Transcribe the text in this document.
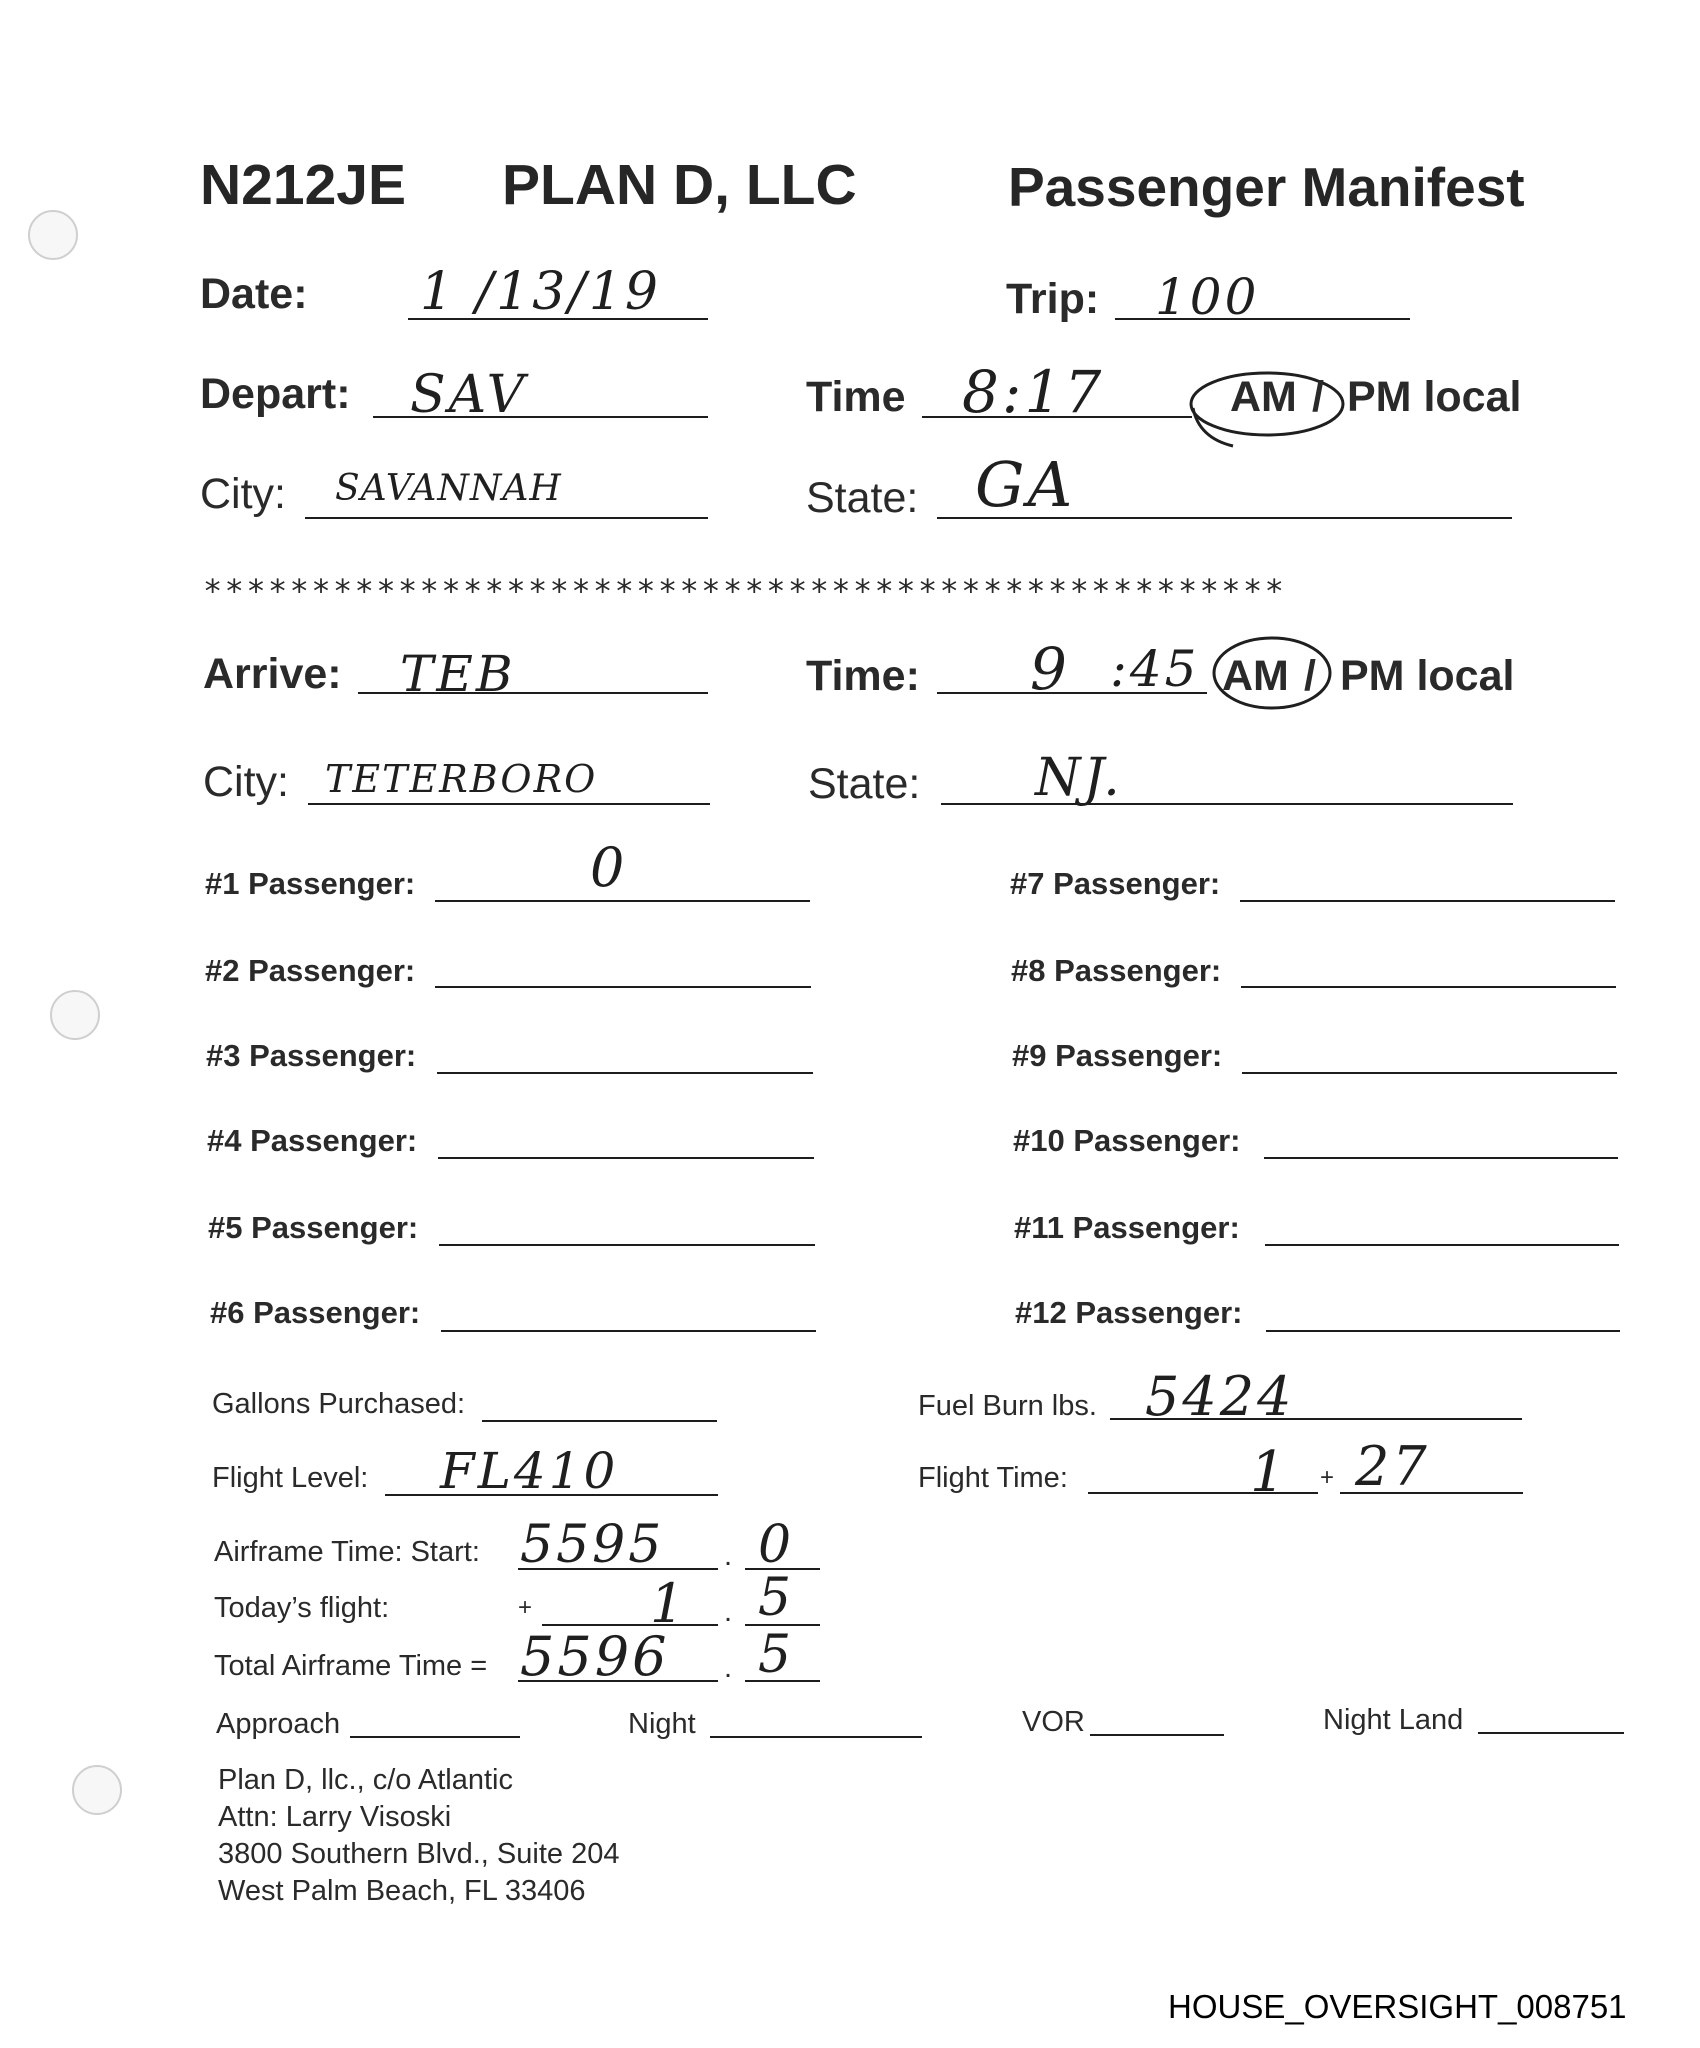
N212JE PLAN D, LLC	Passenger Manifest
Date: 1 /13/19	Trip: 100
Depart: SAV	Time 8:17	AM / PM local
City: SAVANNAH	State: GA
**************************************************
Arrive: TEB	Time: 9 :45 AM / PM local
City: TETERBORO	State: NJ.
#1 Passenger:	0
#2 Passenger:
#3 Passenger:
#4 Passenger:
#5 Passenger:
#6 Passenger:
#7 Passenger:
#8 Passenger:
#9 Passenger:
#10 Passenger:
#11 Passenger:
#12 Passenger:
Gallons Purchased:	Fuel Burn lbs. 5424
Flight Level: FL410	Flight Time:	1 + 27
Airframe Time: Start: 5595 . 0
Today’s flight:	+ 1 . 5
Total Airframe Time = 5596 . 5
Approach	Night	VOR	Night Land
Plan D, llc., c/o Atlantic
Attn: Larry Visoski
3800 Southern Blvd., Suite 204
West Palm Beach, FL 33406
HOUSE_OVERSIGHT_008751
